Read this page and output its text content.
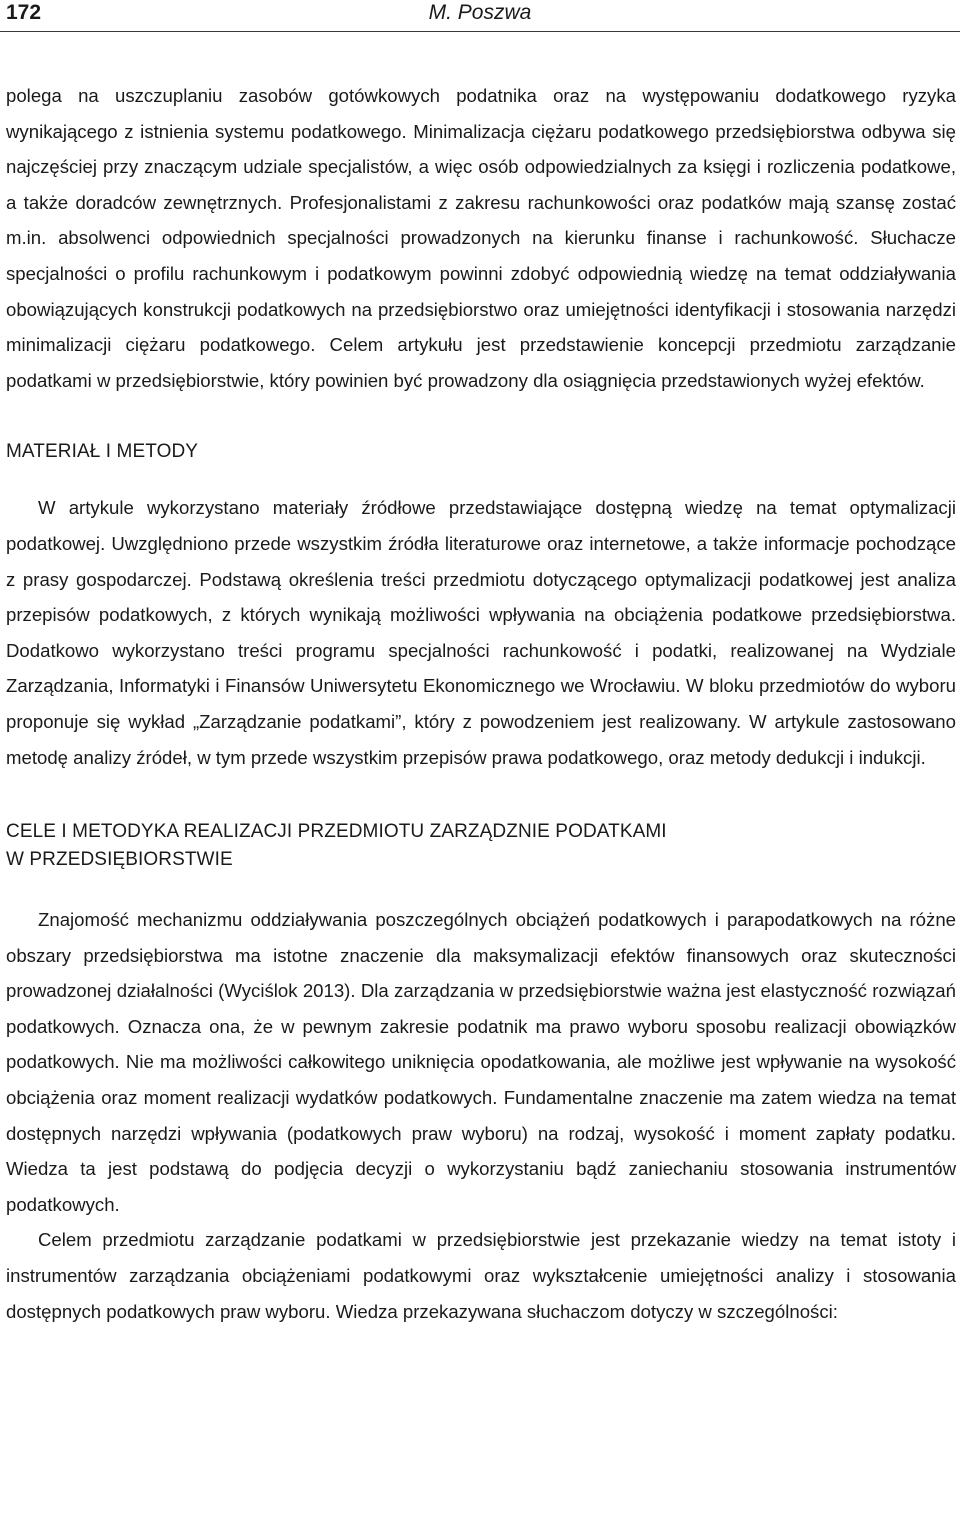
172	M. Poszwa

polega na uszczuplaniu zasobów gotówkowych podatnika oraz na występowaniu dodatkowego ryzyka wynikającego z istnienia systemu podatkowego. Minimalizacja ciężaru podatkowego przedsiębiorstwa odbywa się najczęściej przy znaczącym udziale specjalistów, a więc osób odpowiedzialnych za księgi i rozliczenia podatkowe, a także doradców zewnętrznych. Profesjonalistami z zakresu rachunkowości oraz podatków mają szansę zostać m.in. absolwenci odpowiednich specjalności prowadzonych na kierunku finanse i rachunkowość. Słuchacze specjalności o profilu rachunkowym i podatkowym powinni zdobyć odpowiednią wiedzę na temat oddziaływania obowiązujących konstrukcji podatkowych na przedsiębiorstwo oraz umiejętności identyfikacji i stosowania narzędzi minimalizacji ciężaru podatkowego. Celem artykułu jest przedstawienie koncepcji przedmiotu zarządzanie podatkami w przedsiębiorstwie, który powinien być prowadzony dla osiągnięcia przedstawionych wyżej efektów.

MATERIAŁ I METODY

W artykule wykorzystano materiały źródłowe przedstawiające dostępną wiedzę na temat optymalizacji podatkowej. Uwzględniono przede wszystkim źródła literaturowe oraz internetowe, a także informacje pochodzące z prasy gospodarczej. Podstawą określenia treści przedmiotu dotyczącego optymalizacji podatkowej jest analiza przepisów podatkowych, z których wynikają możliwości wpływania na obciążenia podatkowe przedsiębiorstwa. Dodatkowo wykorzystano treści programu specjalności rachunkowość i podatki, realizowanej na Wydziale Zarządzania, Informatyki i Finansów Uniwersytetu Ekonomicznego we Wrocławiu. W bloku przedmiotów do wyboru proponuje się wykład „Zarządzanie podatkami”, który z powodzeniem jest realizowany. W artykule zastosowano metodę analizy źródeł, w tym przede wszystkim przepisów prawa podatkowego, oraz metody dedukcji i indukcji.

CELE I METODYKA REALIZACJI PRZEDMIOTU ZARZĄDZNIE PODATKAMI
W PRZEDSIĘBIORSTWIE

Znajomość mechanizmu oddziaływania poszczególnych obciążeń podatkowych i parapodatkowych na różne obszary przedsiębiorstwa ma istotne znaczenie dla maksymalizacji efektów finansowych oraz skuteczności prowadzonej działalności (Wyciślok 2013). Dla zarządzania w przedsiębiorstwie ważna jest elastyczność rozwiązań podatkowych. Oznacza ona, że w pewnym zakresie podatnik ma prawo wyboru sposobu realizacji obowiązków podatkowych. Nie ma możliwości całkowitego uniknięcia opodatkowania, ale możliwe jest wpływanie na wysokość obciążenia oraz moment realizacji wydatków podatkowych. Fundamentalne znaczenie ma zatem wiedza na temat dostępnych narzędzi wpływania (podatkowych praw wyboru) na rodzaj, wysokość i moment zapłaty podatku. Wiedza ta jest podstawą do podjęcia decyzji o wykorzystaniu bądź zaniechaniu stosowania instrumentów podatkowych.

Celem przedmiotu zarządzanie podatkami w przedsiębiorstwie jest przekazanie wiedzy na temat istoty i instrumentów zarządzania obciążeniami podatkowymi oraz wykształcenie umiejętności analizy i stosowania dostępnych podatkowych praw wyboru. Wiedza przekazywana słuchaczom dotyczy w szczególności:
